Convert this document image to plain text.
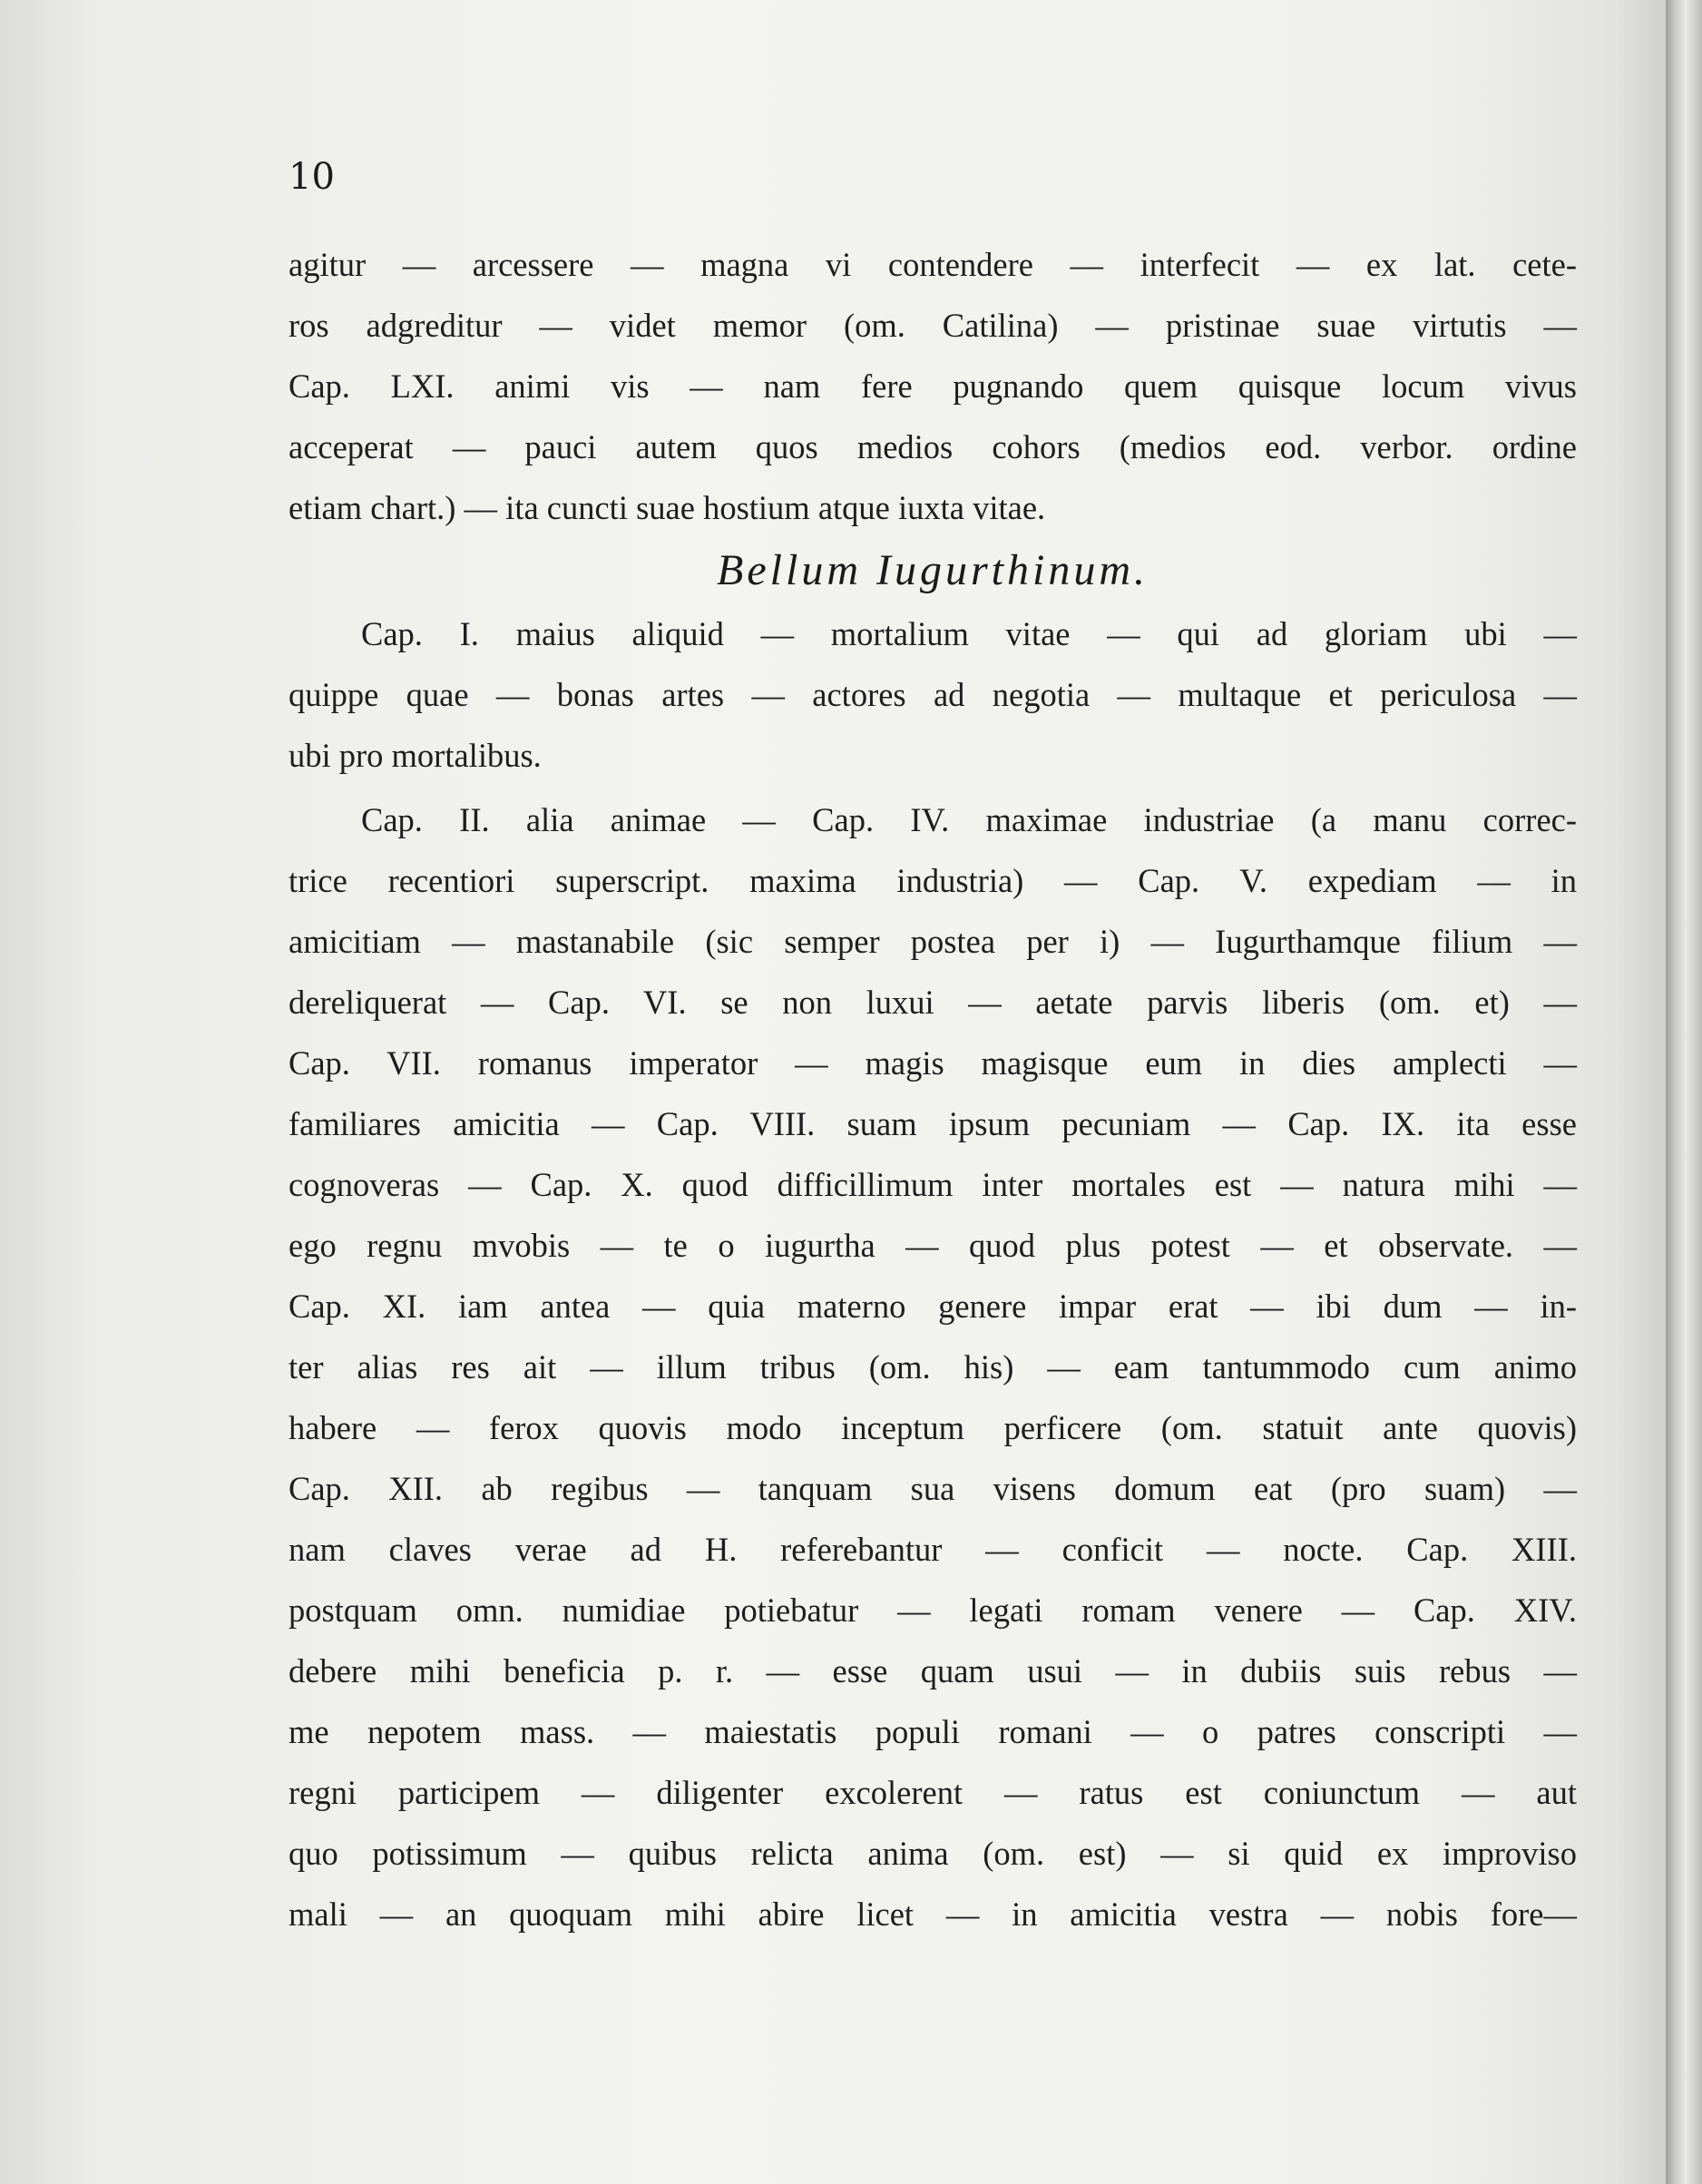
10
agitur — arcessere — magna vi contendere — interfecit — ex lat. cete-
ros adgreditur — videt memor (om. Catilina) — pristinae suae virtutis —
Cap. LXI. animi vis — nam fere pugnando quem quisque locum vivus
acceperat — pauci autem quos medios cohors (medios eod. verbor. ordine
etiam chart.) — ita cuncti suae hostium atque iuxta vitae.
Bellum Iugurthinum.
Cap. I. maius aliquid — mortalium vitae — qui ad gloriam ubi —
quippe quae — bonas artes — actores ad negotia — multaque et periculosa —
ubi pro mortalibus.
Cap. II. alia animae — Cap. IV. maximae industriae (a manu correc-
trice recentiori superscript. maxima industria) — Cap. V. expediam — in
amicitiam — mastanabile (sic semper postea per i) — Iugurthamque filium —
dereliquerat — Cap. VI. se non luxui — aetate parvis liberis (om. et) —
Cap. VII. romanus imperator — magis magisque eum in dies amplecti —
familiares amicitia — Cap. VIII. suam ipsum pecuniam — Cap. IX. ita esse
cognoveras — Cap. X. quod difficillimum inter mortales est — natura mihi —
ego regnu mvobis — te o iugurtha — quod plus potest — et observate. —
Cap. XI. iam antea — quia materno genere impar erat — ibi dum — in-
ter alias res ait — illum tribus (om. his) — eam tantummodo cum animo
habere — ferox quovis modo inceptum perficere (om. statuit ante quovis)
Cap. XII. ab regibus — tanquam sua visens domum eat (pro suam) —
nam claves verae ad H. referebantur — conficit — nocte. Cap. XIII.
postquam omn. numidiae potiebatur — legati romam venere — Cap. XIV.
debere mihi beneficia p. r. — esse quam usui — in dubiis suis rebus —
me nepotem mass. — maiestatis populi romani — o patres conscripti —
regni participem — diligenter excolerent — ratus est coniunctum — aut
quo potissimum — quibus relicta anima (om. est) — si quid ex improviso
mali — an quoquam mihi abire licet — in amicitia vestra — nobis fore—
